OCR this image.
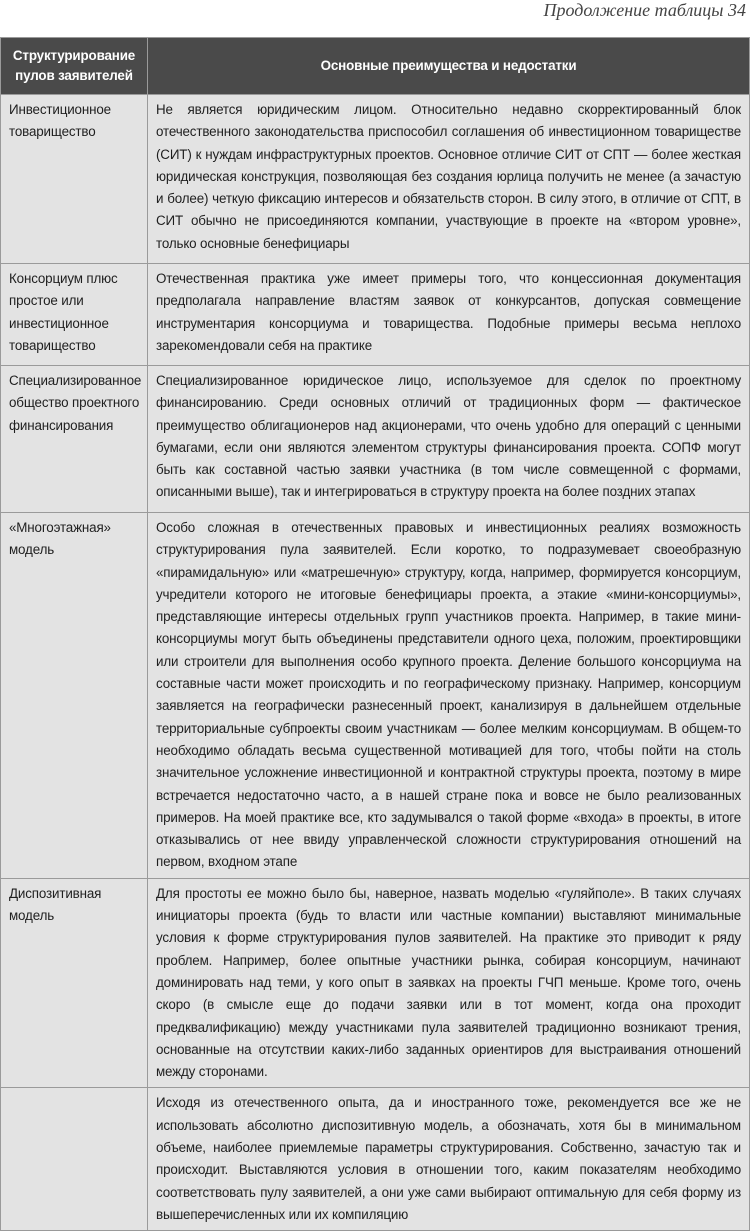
Продолжение таблицы 34
Структурирование пулов заявителей	Основные преимущества и недостатки
Инвестиционное товарищество	Не является юридическим лицом. Относительно недавно скорректированный блок отечественного законодательства приспособил соглашения об инвестиционном товариществе (СИТ) к нуждам инфраструктурных проектов. Основное отличие СИТ от СПТ — более жесткая юридическая конструкция, позволяющая без создания юрлица получить не менее (а зачастую и более) четкую фиксацию интересов и обязательств сторон. В силу этого, в отличие от СПТ, в СИТ обычно не присоединяются компании, участвующие в проекте на «втором уровне», только основные бенефициары
Консорциум плюс простое или инвестиционное товарищество	Отечественная практика уже имеет примеры того, что концессионная документация предполагала направление властям заявок от конкурсантов, допуская совмещение инструментария консорциума и товарищества. Подобные примеры весьма неплохо зарекомендовали себя на практике
Специализированное общество проектного финансирования	Специализированное юридическое лицо, используемое для сделок по проектному финансированию. Среди основных отличий от традиционных форм — фактическое преимущество облигационеров над акционерами, что очень удобно для операций с ценными бумагами, если они являются элементом структуры финансирования проекта. СОПФ могут быть как составной частью заявки участника (в том числе совмещенной с формами, описанными выше), так и интегрироваться в структуру проекта на более поздних этапах
«Многоэтажная» модель	Особо сложная в отечественных правовых и инвестиционных реалиях возможность структурирования пула заявителей. Если коротко, то подразумевает своеобразную «пирамидальную» или «матрешечную» структуру, когда, например, формируется консорциум, учредители которого не итоговые бенефициары проекта, а этакие «мини-консорциумы», представляющие интересы отдельных групп участников проекта. Например, в такие мини-консорциумы могут быть объединены представители одного цеха, положим, проектировщики или строители для выполнения особо крупного проекта. Деление большого консорциума на составные части может происходить и по географическому признаку. Например, консорциум заявляется на географически разнесенный проект, канализируя в дальнейшем отдельные территориальные субпроекты своим участникам — более мелким консорциумам. В общем-то необходимо обладать весьма существенной мотивацией для того, чтобы пойти на столь значительное усложнение инвестиционной и контрактной структуры проекта, поэтому в мире встречается недостаточно часто, а в нашей стране пока и вовсе не было реализованных примеров. На моей практике все, кто задумывался о такой форме «входа» в проекты, в итоге отказывались от нее ввиду управленческой сложности структурирования отношений на первом, входном этапе
Диспозитивная модель	Для простоты ее можно было бы, наверное, назвать моделью «гуляйполе». В таких случаях инициаторы проекта (будь то власти или частные компании) выставляют минимальные условия к форме структурирования пулов заявителей. На практике это приводит к ряду проблем. Например, более опытные участники рынка, собирая консорциум, начинают доминировать над теми, у кого опыт в заявках на проекты ГЧП меньше. Кроме того, очень скоро (в смысле еще до подачи заявки или в тот момент, когда она проходит предквалификацию) между участниками пула заявителей традиционно возникают трения, основанные на отсутствии каких-либо заданных ориентиров для выстраивания отношений между сторонами.
	Исходя из отечественного опыта, да и иностранного тоже, рекомендуется все же не использовать абсолютно диспозитивную модель, а обозначать, хотя бы в минимальном объеме, наиболее приемлемые параметры структурирования. Собственно, зачастую так и происходит. Выставляются условия в отношении того, каким показателям необходимо соответствовать пулу заявителей, а они уже сами выбирают оптимальную для себя форму из вышеперечисленных или их компиляцию
